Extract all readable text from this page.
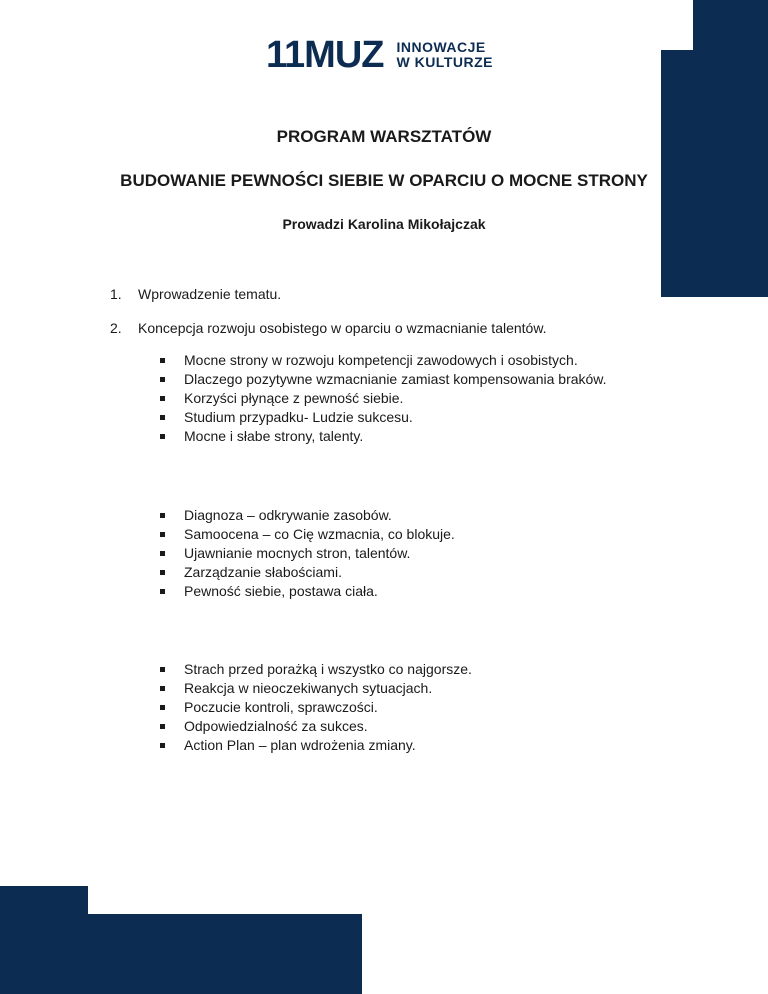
11MUZ INNOWACJE
W KULTURZE
PROGRAM WARSZTATÓW
BUDOWANIE PEWNOŚCI SIEBIE W OPARCIU O MOCNE STRONY
Prowadzi Karolina Mikołajczak
1. Wprowadzenie tematu.
2. Koncepcja rozwoju osobistego w oparciu o wzmacnianie talentów.
Mocne strony w rozwoju kompetencji zawodowych i osobistych.
Dlaczego pozytywne wzmacnianie zamiast kompensowania braków.
Korzyści płynące z pewność siebie.
Studium przypadku- Ludzie sukcesu.
Mocne i słabe strony, talenty.
Diagnoza – odkrywanie zasobów.
Samoocena – co Cię wzmacnia, co blokuje.
Ujawnianie mocnych stron, talentów.
Zarządzanie słabościami.
Pewność siebie, postawa ciała.
Strach przed porażką i wszystko co najgorsze.
Reakcja w nieoczekiwanych sytuacjach.
Poczucie kontroli, sprawczości.
Odpowiedzialność za sukces.
Action Plan – plan wdrożenia zmiany.
